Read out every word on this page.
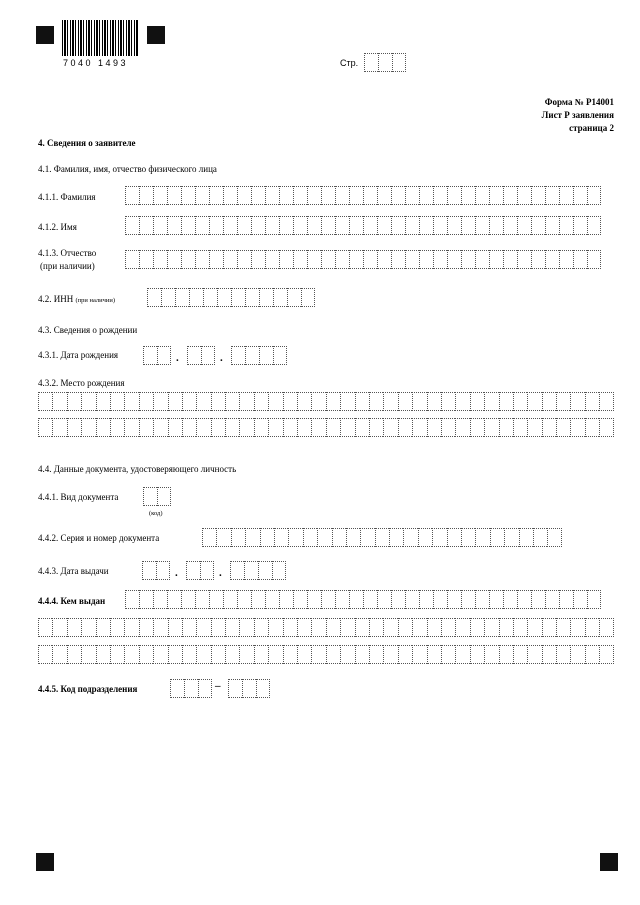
7040 1493	Стр.
Форма № Р14001
Лист Р заявления
страница 2
4. Сведения о заявителе
4.1. Фамилия, имя, отчество физического лица
4.1.1. Фамилия
4.1.2. Имя
4.1.3. Отчество
(при наличии)
4.2. ИНН (при наличии)
4.3. Сведения о рождении
4.3.1. Дата рождения	.	.
4.3.2. Место рождения
4.4. Данные документа, удостоверяющего личность
4.4.1. Вид документа
(код)
4.4.2. Серия и номер документа
4.4.3. Дата выдачи	.	.
4.4.4. Кем выдан
4.4.5. Код подразделения	–
